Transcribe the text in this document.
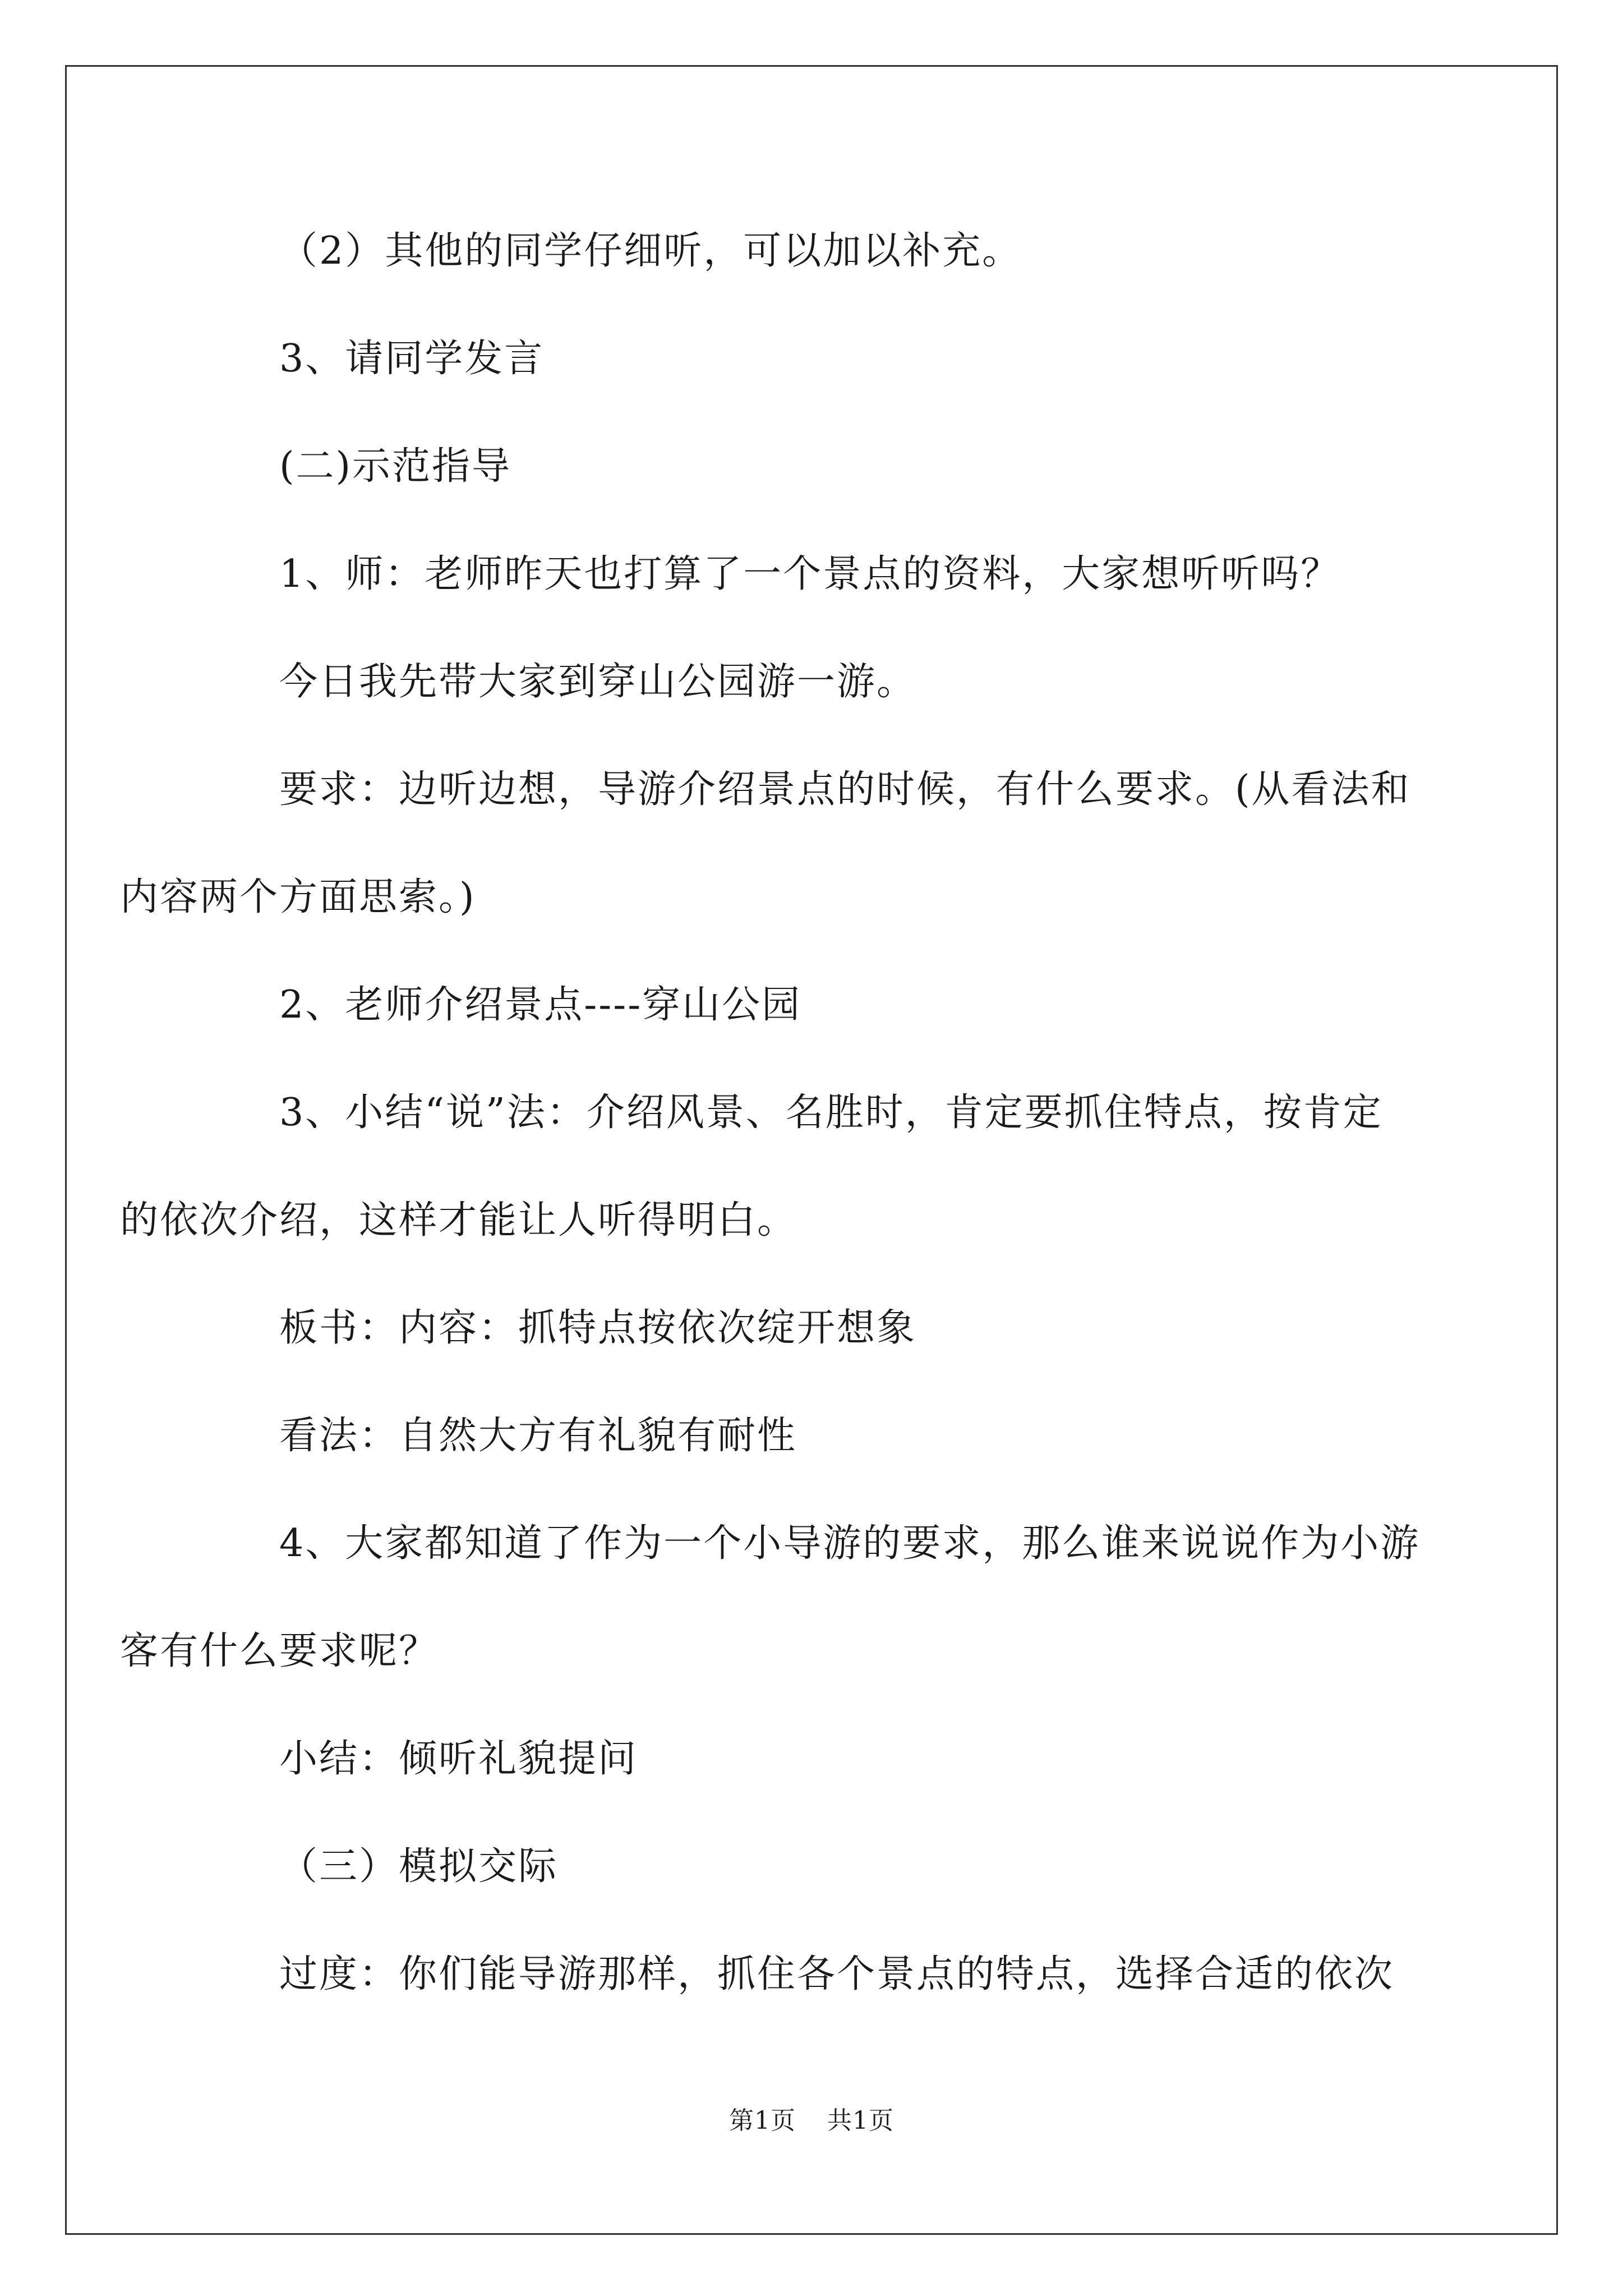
（2）其他的同学仔细听，可以加以补充。

3、请同学发言

(二)示范指导

1、师：老师昨天也打算了一个景点的资料，大家想听听吗？

今日我先带大家到穿山公园游一游。

要求：边听边想，导游介绍景点的时候，有什么要求。(从看法和
内容两个方面思索。)

2、老师介绍景点----穿山公园

3、小结“说”法：介绍风景、名胜时，肯定要抓住特点，按肯定
的依次介绍，这样才能让人听得明白。

板书：内容：抓特点按依次绽开想象

看法：自然大方有礼貌有耐性

4、大家都知道了作为一个小导游的要求，那么谁来说说作为小游
客有什么要求呢？

小结：倾听礼貌提问

（三）模拟交际

过度：你们能导游那样，抓住各个景点的特点，选择合适的依次

第1页 共1页
